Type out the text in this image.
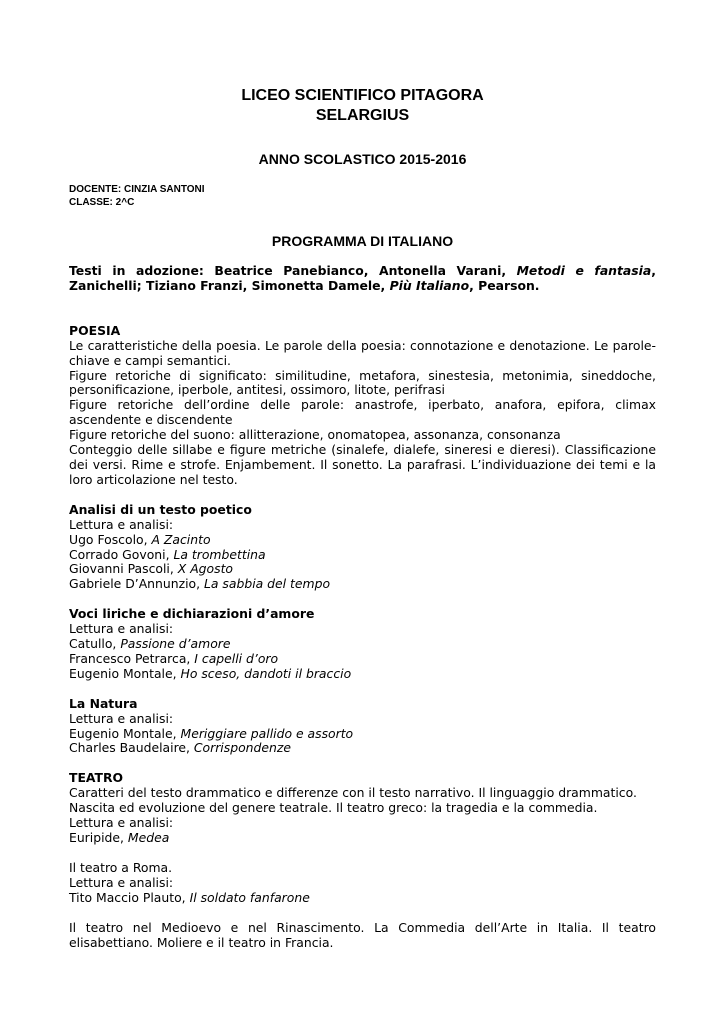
LICEO SCIENTIFICO PITAGORA
SELARGIUS
ANNO SCOLASTICO 2015-2016
DOCENTE: CINZIA SANTONI
CLASSE: 2^C
PROGRAMMA DI ITALIANO

Testi in adozione: Beatrice Panebianco, Antonella Varani, Metodi e fantasia,

Zanichelli; Tiziano Franzi, Simonetta Damele, Più Italiano, Pearson.

POESIA

Le caratteristiche della poesia. Le parole della poesia: connotazione e denotazione. Le parole-

chiave e campi semantici.

Figure retoriche di significato: similitudine, metafora, sinestesia, metonimia, sineddoche,

personificazione, iperbole, antitesi, ossimoro, litote, perifrasi

Figure retoriche dell’ordine delle parole: anastrofe, iperbato, anafora, epifora, climax

ascendente e discendente

Figure retoriche del suono: allitterazione, onomatopea, assonanza, consonanza

Conteggio delle sillabe e figure metriche (sinalefe, dialefe, sineresi e dieresi). Classificazione

dei versi. Rime e strofe. Enjambement. Il sonetto. La parafrasi. L’individuazione dei temi e la

loro articolazione nel testo.

Analisi di un testo poetico

Lettura e analisi:

Ugo Foscolo, A Zacinto

Corrado Govoni, La trombettina

Giovanni Pascoli, X Agosto

Gabriele D’Annunzio, La sabbia del tempo

Voci liriche e dichiarazioni d’amore

Lettura e analisi:

Catullo, Passione d’amore

Francesco Petrarca, I capelli d’oro

Eugenio Montale, Ho sceso, dandoti il braccio

La Natura

Lettura e analisi:

Eugenio Montale, Meriggiare pallido e assorto

Charles Baudelaire, Corrispondenze

TEATRO

Caratteri del testo drammatico e differenze con il testo narrativo. Il linguaggio drammatico.

Nascita ed evoluzione del genere teatrale. Il teatro greco: la tragedia e la commedia.

Lettura e analisi:

Euripide, Medea

Il teatro a Roma.

Lettura e analisi:

Tito Maccio Plauto, Il soldato fanfarone

Il teatro nel Medioevo e nel Rinascimento. La Commedia dell’Arte in Italia. Il teatro

elisabettiano. Moliere e il teatro in Francia.
